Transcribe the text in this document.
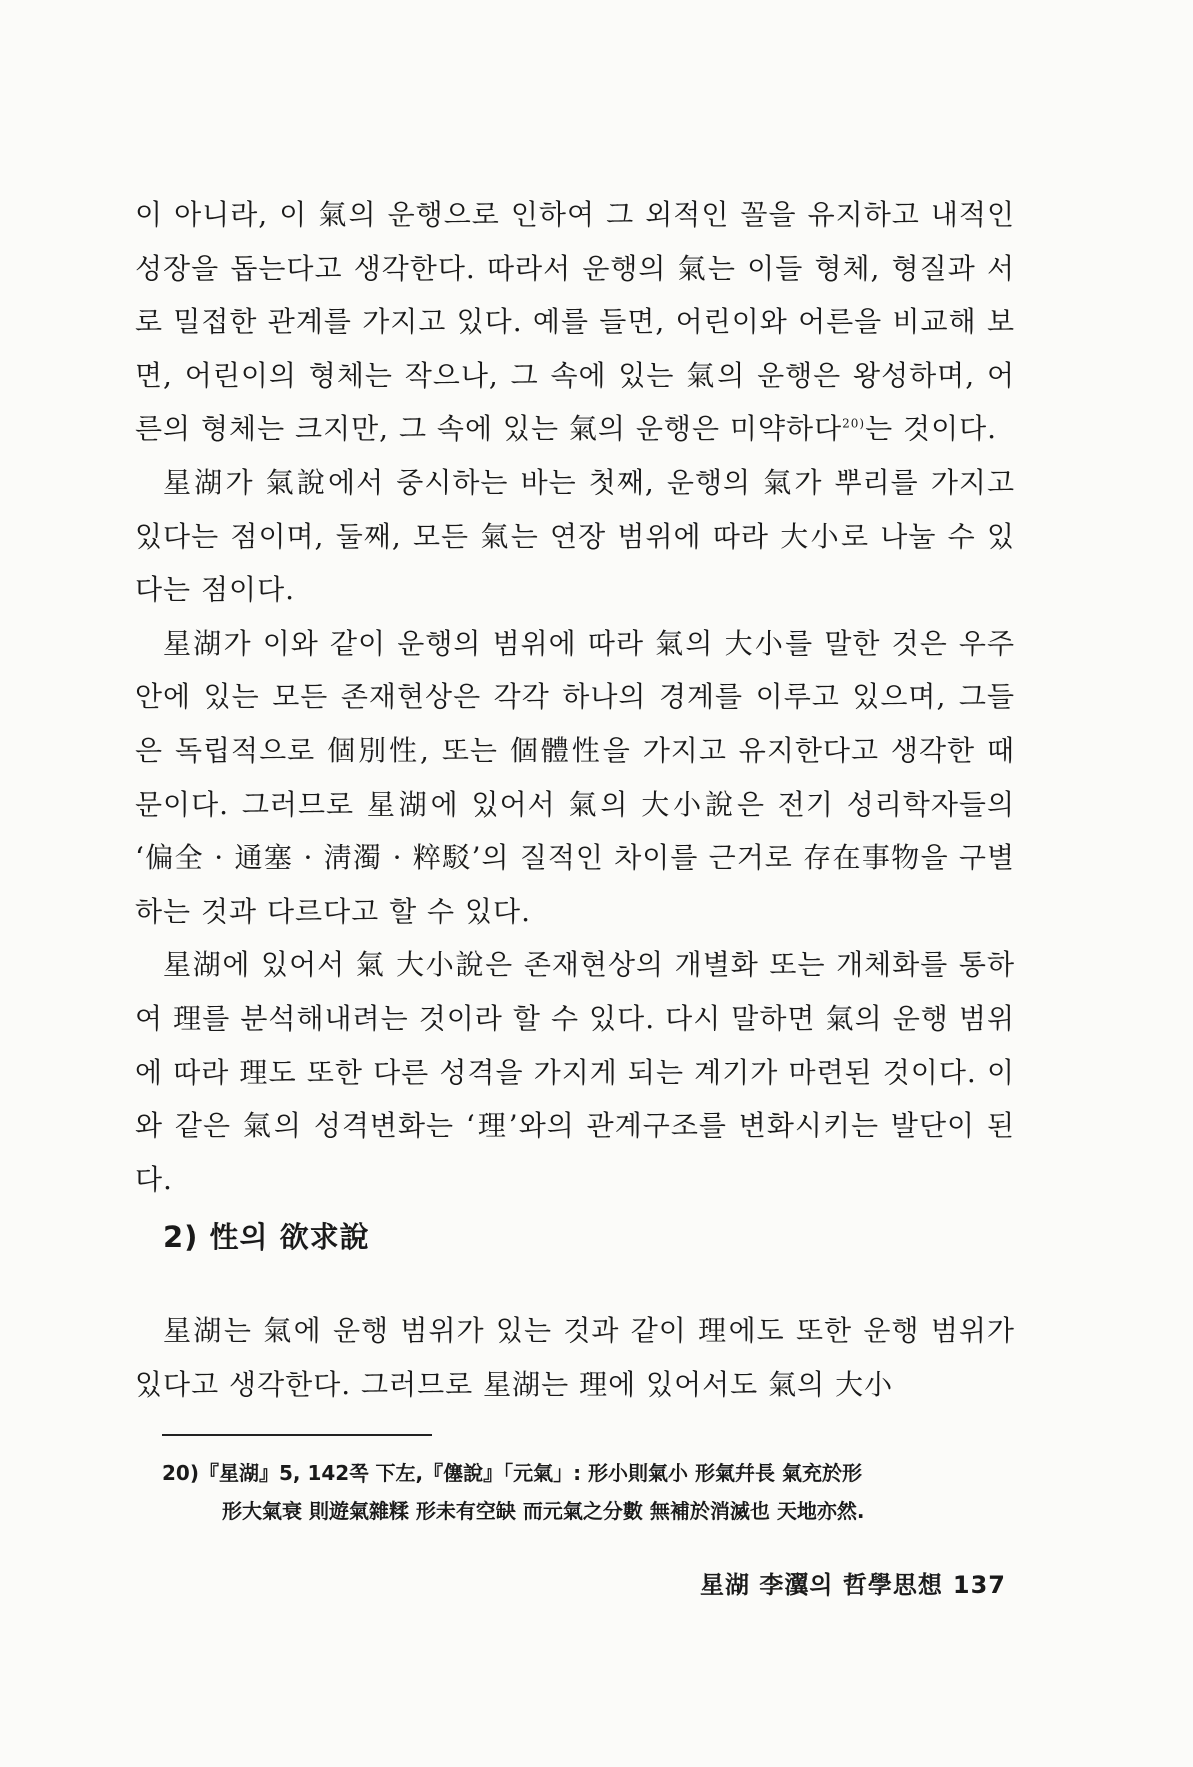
이 아니라, 이 氣의 운행으로 인하여 그 외적인 꼴을 유지하고 내적인 성장을 돕는다고 생각한다. 따라서 운행의 氣는 이들 형체, 형질과 서로 밀접한 관계를 가지고 있다. 예를 들면, 어린이와 어른을 비교해 보면, 어린이의 형체는 작으나, 그 속에 있는 氣의 운행은 왕성하며, 어른의 형체는 크지만, 그 속에 있는 氣의 운행은 미약하다$^{20)}$는 것이다.

星湖가 氣說에서 중시하는 바는 첫째, 운행의 氣가 뿌리를 가지고 있다는 점이며, 둘째, 모든 氣는 연장 범위에 따라 大小로 나눌 수 있다는 점이다.

星湖가 이와 같이 운행의 범위에 따라 氣의 大小를 말한 것은 우주 안에 있는 모든 존재현상은 각각 하나의 경계를 이루고 있으며, 그들은 독립적으로 個別性, 또는 個體性을 가지고 유지한다고 생각한 때문이다. 그러므로 星湖에 있어서 氣의 大小說은 전기 성리학자들의 ‘偏全 · 通塞 · 淸濁 · 粹駁’의 질적인 차이를 근거로 存在事物을 구별하는 것과 다르다고 할 수 있다.

星湖에 있어서 氣 大小說은 존재현상의 개별화 또는 개체화를 통하여 理를 분석해내려는 것이라 할 수 있다. 다시 말하면 氣의 운행 범위에 따라 理도 또한 다른 성격을 가지게 되는 계기가 마련된 것이다. 이와 같은 氣의 성격변화는 ‘理’와의 관계구조를 변화시키는 발단이 된다.

2) 性의 欲求說

星湖는 氣에 운행 범위가 있는 것과 같이 理에도 또한 운행 범위가 있다고 생각한다. 그러므로 星湖는 理에 있어서도 氣의 大小

20)『星湖』5, 142쪽 下左,『僿說』「元氣」: 形小則氣小 形氣幷長 氣充於形
形大氣衰 則遊氣雜糅 形未有空缺 而元氣之分數 無補於消滅也 天地亦然.

星湖 李瀷의 哲學思想 137
